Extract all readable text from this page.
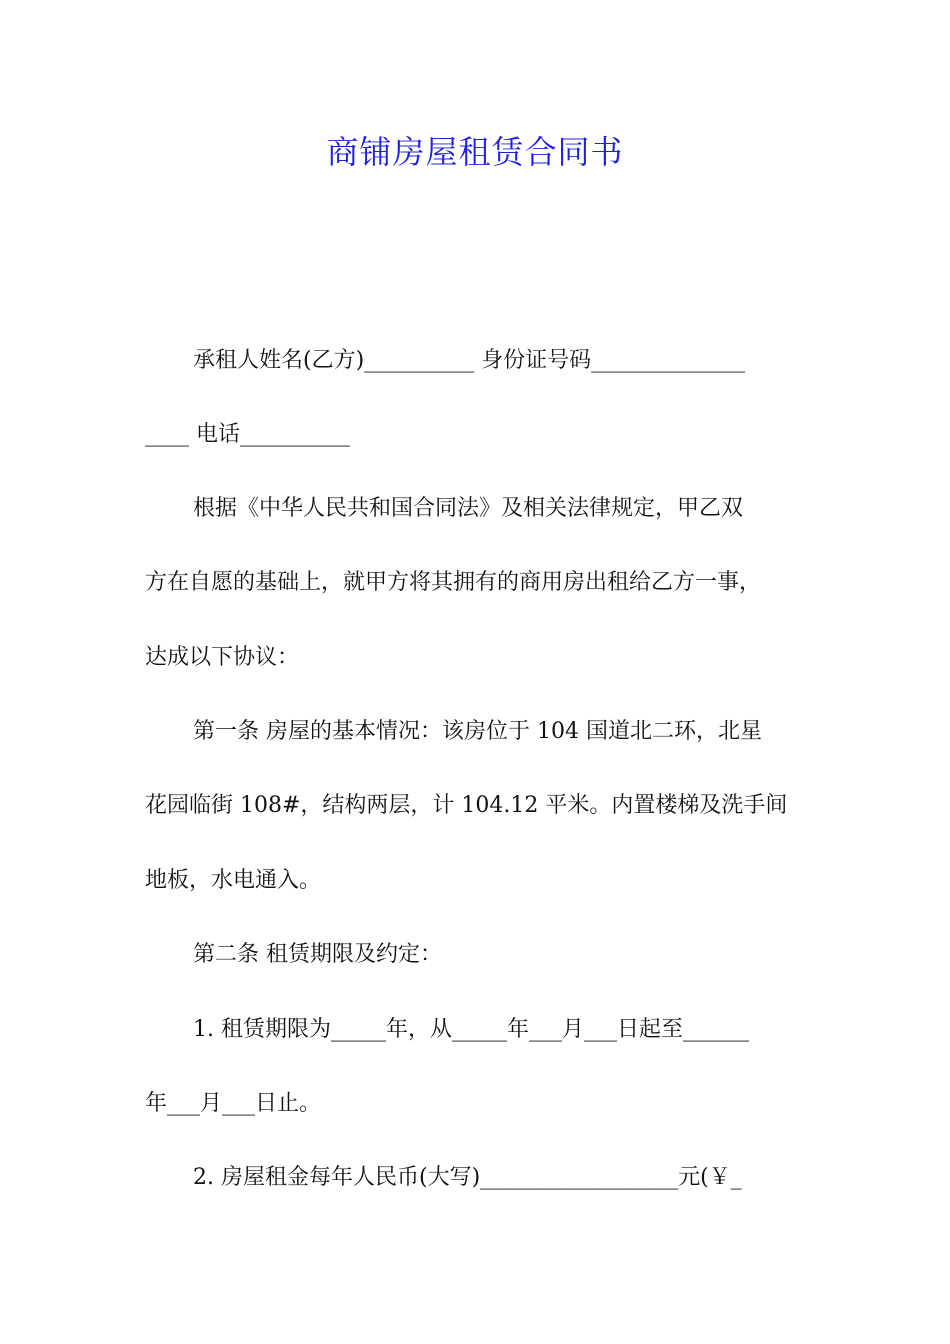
商铺房屋租赁合同书
承租人姓名(乙方)__________ 身份证号码______________
____ 电话__________
根据《中华人民共和国合同法》及相关法律规定，甲乙双
方在自愿的基础上，就甲方将其拥有的商用房出租给乙方一事，
达成以下协议：
第一条 房屋的基本情况：该房位于 104 国道北二环，北星
花园临街 108#，结构两层，计 104.12 平米。内置楼梯及洗手间
地板，水电通入。
第二条 租赁期限及约定：
1. 租赁期限为_____年，从_____年___月___日起至______
年___月___日止。
2. 房屋租金每年人民币(大写)__________________元(￥_
